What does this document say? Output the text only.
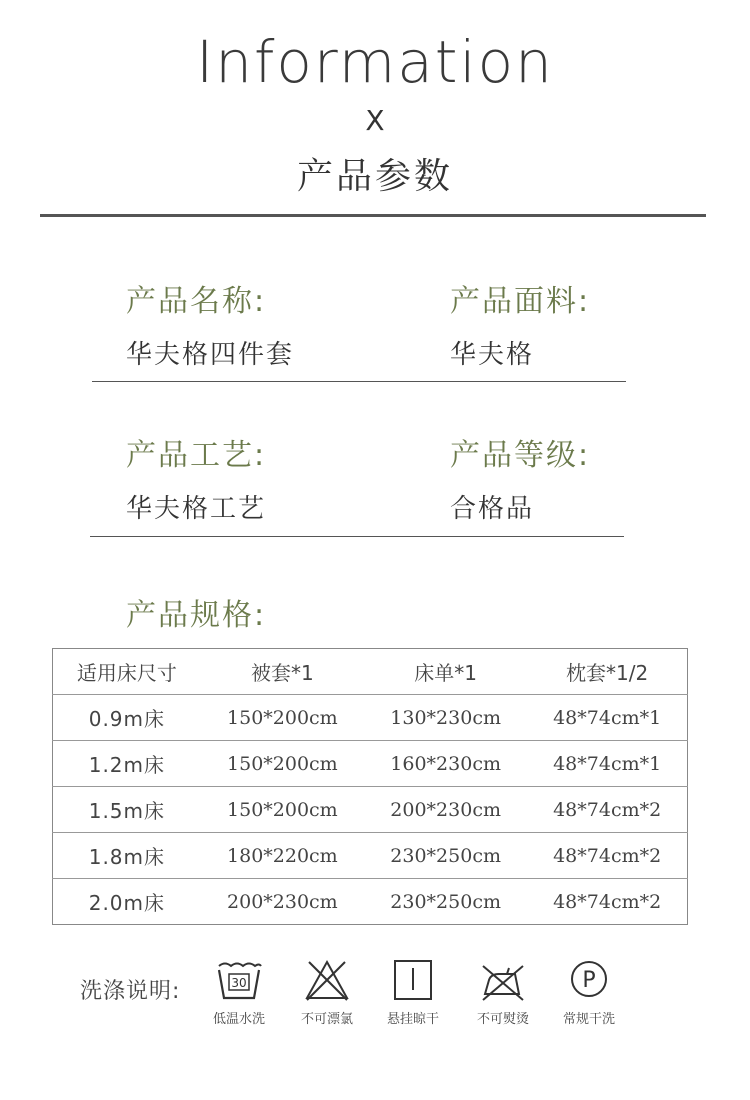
Information
X
产品参数
产品名称:
华夫格四件套
产品面料:
华夫格
产品工艺:
华夫格工艺
产品等级:
合格品
产品规格:
适用床尺寸	被套*1	床单*1	枕套*1/2
0.9m床	150*200cm	130*230cm	48*74cm*1
1.2m床	150*200cm	160*230cm	48*74cm*1
1.5m床	150*200cm	200*230cm	48*74cm*2
1.8m床	180*220cm	230*250cm	48*74cm*2
2.0m床	200*230cm	230*250cm	48*74cm*2
洗涤说明:	30
低温水洗	不可漂氯	悬挂晾干	不可熨烫
P
常规干洗
